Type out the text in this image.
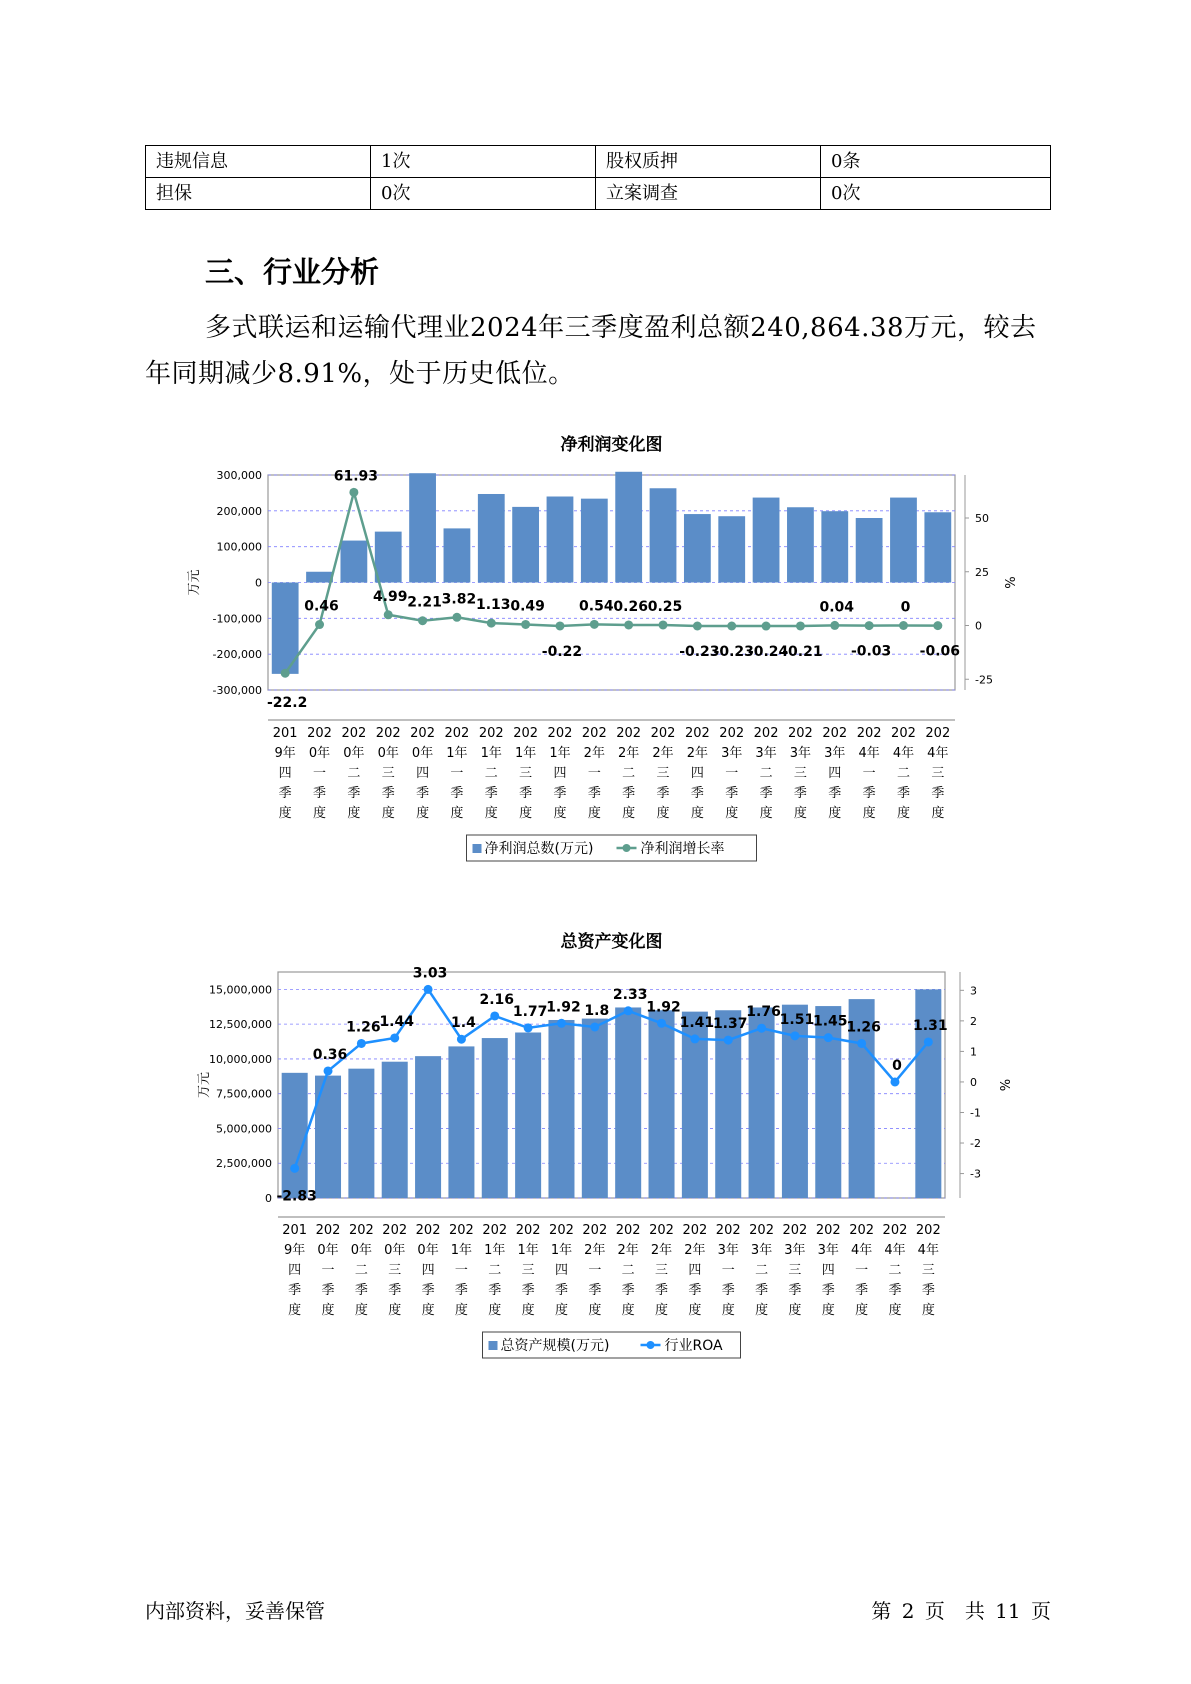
违规信息	1次	股权质押	0条
担保	0次	立案调查	0次
三、行业分析

多式联运和运输代理业2024年三季度盈利总额240,864.38万元，较去年同期减少8.91%，处于历史低位。

净利润变化图
-300,000
-200,000
-100,000
0
100,000
200,000
300,000
万元
-25
0
25
50
%
-22.2
0.46
61.93
4.99 2.21 3.82 1.13 0.49
-0.22
0.54 0.26 0.25
-0.23
-0.23
-0.24
-0.21
0.04
-0.03
0
-0.06
201
9年
四
季
度
202
0年
一
季
度
202
0年
二
季
度
202
0年
三
季
度
202
0年
四
季
度
202
1年
一
季
度
202
1年
二
季
度
202
1年
三
季
度
202
1年
四
季
度
202
2年
一
季
度
202
2年
二
季
度
202
2年
三
季
度
202
2年
四
季
度
202
3年
一
季
度
202
3年
二
季
度
202
3年
三
季
度
202
3年
四
季
度
202
4年
一
季
度
202
4年
二
季
度
202
4年
三
季
度
净利润总数(万元)	净利润增长率
总资产变化图
0
2,500,000
5,000,000
7,500,000
10,000,000
12,500,000
15,000,000
万元
-3
-2
-1
0
1
2
3
%
-2.83
0.36
1.26
1.44
3.03
1.4
2.16
1.77
1.92 1.8
2.33
1.92
1.41
1.37
1.76
1.51
1.45
1.26
0
1.31
201
9年
四
季
度
202
0年
一
季
度
202
0年
二
季
度
202
0年
三
季
度
202
0年
四
季
度
202
1年
一
季
度
202
1年
二
季
度
202
1年
三
季
度
202
1年
四
季
度
202
2年
一
季
度
202
2年
二
季
度
202
2年
三
季
度
202
2年
四
季
度
202
3年
一
季
度
202
3年
二
季
度
202
3年
三
季
度
202
3年
四
季
度
202
4年
一
季
度
202
4年
二
季
度
202
4年
三
季
度
总资产规模(万元)	行业ROA
内部资料，妥善保管	第 2 页　共 11 页
